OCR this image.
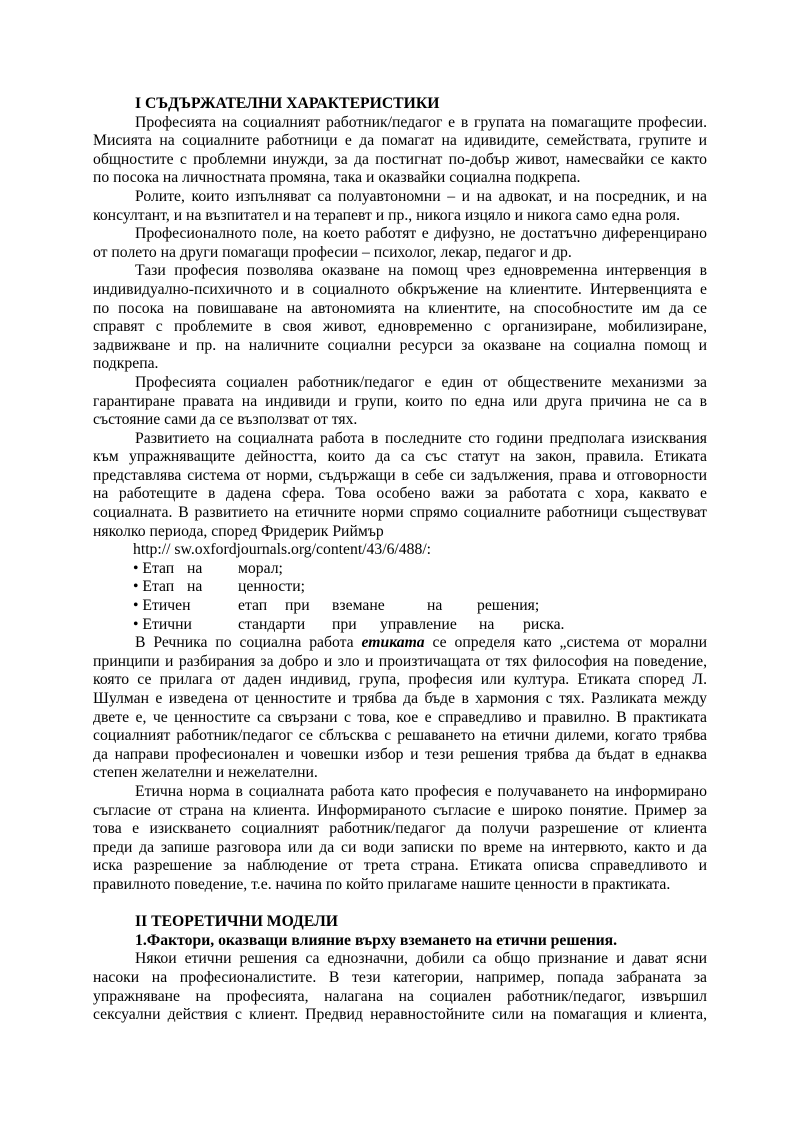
I СЪДЪРЖАТЕЛНИ ХАРАКТЕРИСТИКИ
Професията на социалният работник/педагог е в групата на помагащите професии.
Мисията на социалните работници е да помагат на идивидите, семействата, групите и
общностите с проблемни инужди, за да постигнат по-добър живот, намесвайки се както
по посока на личностната промяна, така и оказвайки социална подкрепа.
Ролите, които изпълняват са полуавтономни – и на адвокат, и на посредник, и на
консултант, и на възпитател и на терапевт и пр., никога изцяло и никога само една роля.
Професионалното поле, на което работят е дифузно, не достатъчно диференцирано
от полето на други помагащи професии – психолог, лекар, педагог и др.
Тази професия позволява оказване на помощ чрез едновременна интервенция в
индивидуално-психичното и в социалното обкръжение на клиентите. Интервенцията е
по посока на повишаване на автономията на клиентите, на способностите им да се
справят с проблемите в своя живот, едновременно с организиране, мобилизиране,
задвижване и пр. на наличните социални ресурси за оказване на социална помощ и
подкрепа.
Професията социален работник/педагог е един от обществените механизми за
гарантиране правата на индивиди и групи, които по една или друга причина не са в
състояние сами да се възползват от тях.
Развитието на социалната работа в последните сто години предполага изисквания
към упражняващите дейността, които да са със статут на закон, правила. Етиката
представлява система от норми, съдържащи в себе си задължения, права и отговорности
на работещите в дадена сфера. Това особено важи за работата с хора, каквато е
социалната. В развитието на етичните норми спрямо социалните работници съществуват
няколко периода, според Фридерик Риймър
http:// sw.oxfordjournals.org/content/43/6/488/:
• Етап на морал;
• Етап на ценности;
• Етичен	етап при вземане	на решения;
• Етични	стандарти при управление на риска.
В Речника по социална работа етиката се определя като „система от морални
принципи и разбирания за добро и зло и произтичащата от тях философия на поведение,
която се прилага от даден индивид, група, професия или култура. Етиката според Л.
Шулман е изведена от ценностите и трябва да бъде в хармония с тях. Разликата между
двете е, че ценностите са свързани с това, кое е справедливо и правилно. В практиката
социалният работник/педагог се сблъсква с решаването на етични дилеми, когато трябва
да направи професионален и човешки избор и тези решения трябва да бъдат в еднаква
степен желателни и нежелателни.
Етична норма в социалната работа като професия е получаването на информирано
съгласие от страна на клиента. Информираното съгласие е широко понятие. Пример за
това е изискването социалният работник/педагог да получи разрешение от клиента
преди да запише разговора или да си води записки по време на интервюто, както и да
иска разрешение за наблюдение от трета страна. Етиката описва справедливото и
правилното поведение, т.е. начина по който прилагаме нашите ценности в практиката.
II ТЕОРЕТИЧНИ МОДЕЛИ
1.Фактори, оказващи влияние върху вземането на етични решения.
Някои етични решения са еднозначни, добили са общо признание и дават ясни
насоки на професионалистите. В тези категории, например, попада забраната за
упражняване на професията, налагана на социален работник/педагог, извършил
сексуални действия с клиент. Предвид неравностойните сили на помагащия и клиента,
